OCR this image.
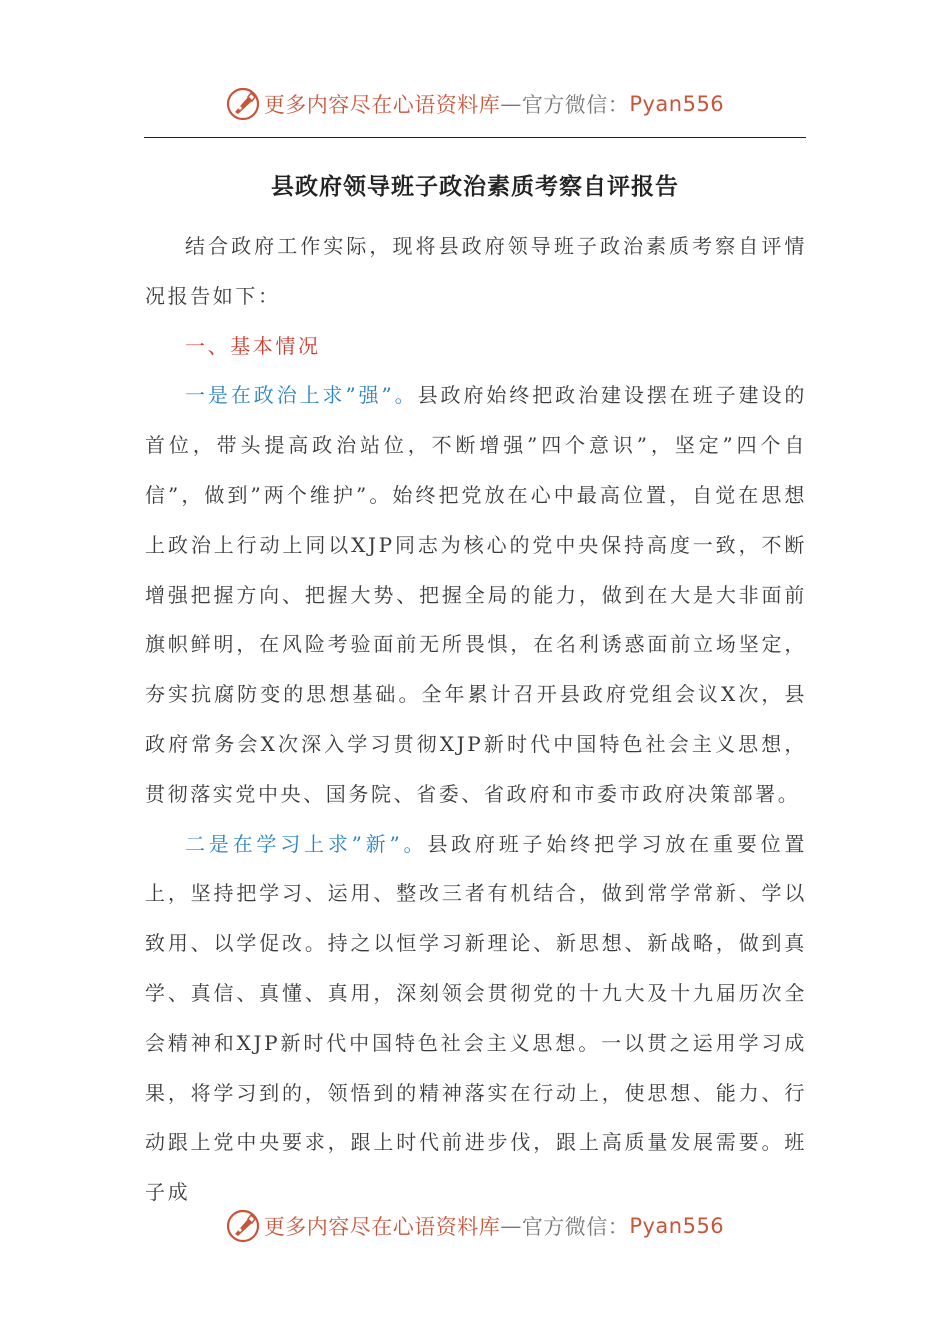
更多内容尽在心语资料库 — 官方微信： Pyan556
县政府领导班子政治素质考察自评报告

结合政府工作实际，现将县政府领导班子政治素质考察自评情况报告如下：

一、基本情况

一是在政治上求”强”。县政府始终把政治建设摆在班子建设的首位，带头提高政治站位，不断增强”四个意识”，坚定”四个自信”，做到”两个维护”。始终把党放在心中最高位置，自觉在思想上政治上行动上同以XJP同志为核心的党中央保持高度一致，不断增强把握方向、把握大势、把握全局的能力，做到在大是大非面前旗帜鲜明，在风险考验面前无所畏惧，在名利诱惑面前立场坚定，夯实抗腐防变的思想基础。全年累计召开县政府党组会议X次，县政府常务会X次深入学习贯彻XJP新时代中国特色社会主义思想，贯彻落实党中央、国务院、省委、省政府和市委市政府决策部署。

二是在学习上求”新”。县政府班子始终把学习放在重要位置上，坚持把学习、运用、整改三者有机结合，做到常学常新、学以致用、以学促改。持之以恒学习新理论、新思想、新战略，做到真学、真信、真懂、真用，深刻领会贯彻党的十九大及十九届历次全会精神和XJP新时代中国特色社会主义思想。一以贯之运用学习成果，将学习到的，领悟到的精神落实在行动上，使思想、能力、行动跟上党中央要求，跟上时代前进步伐，跟上高质量发展需要。班子成

更多内容尽在心语资料库 — 官方微信： Pyan556
